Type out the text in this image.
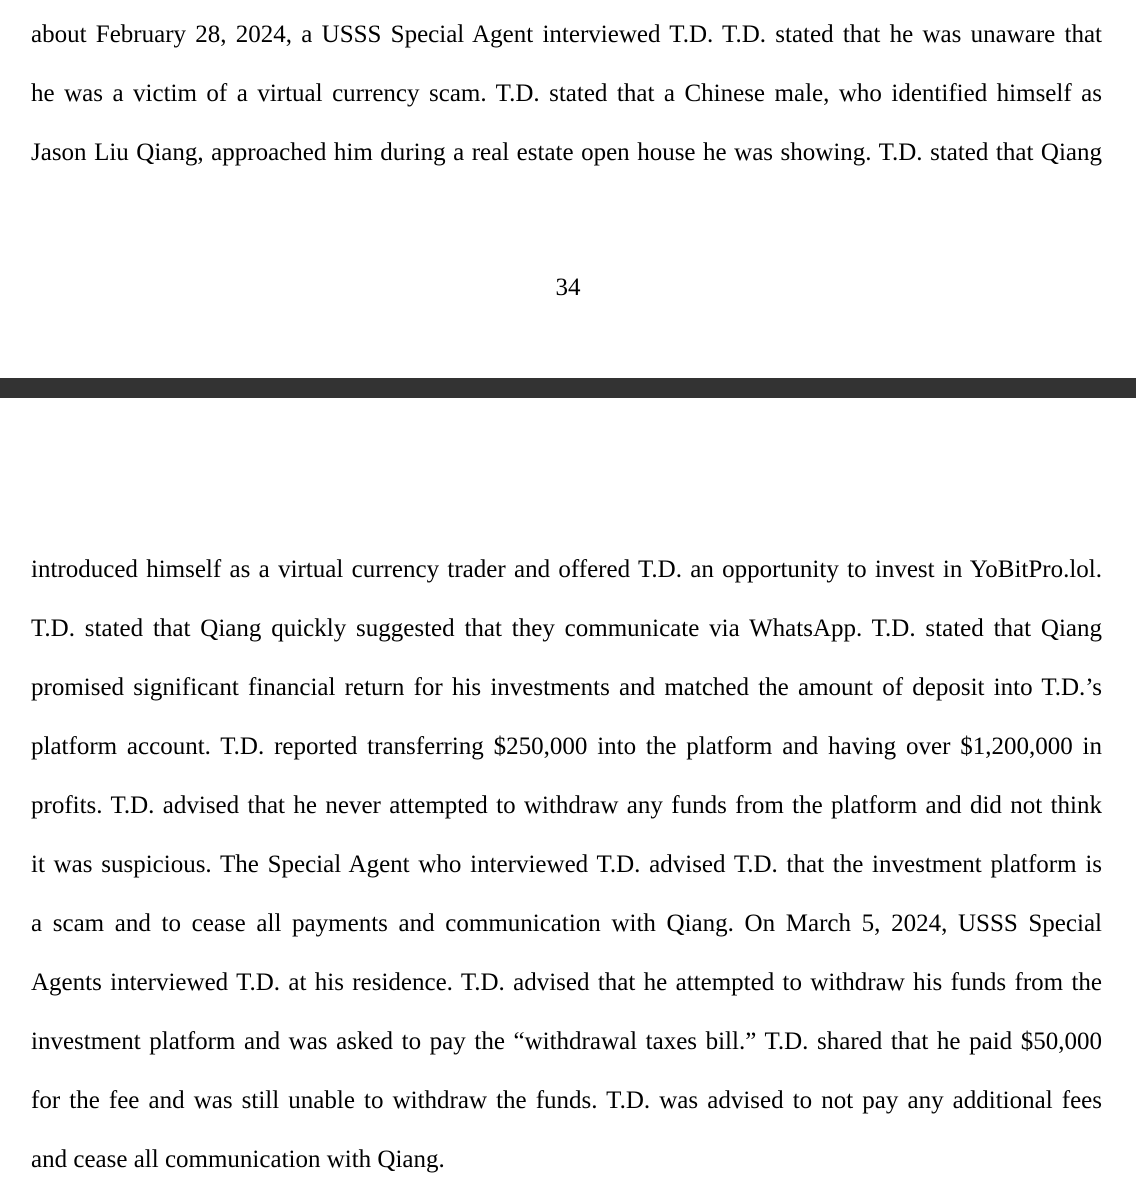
about February 28, 2024, a USSS Special Agent interviewed T.D. T.D. stated that he was unaware that
he was a victim of a virtual currency scam. T.D. stated that a Chinese male, who identified himself as
Jason Liu Qiang, approached him during a real estate open house he was showing. T.D. stated that Qiang
34
introduced himself as a virtual currency trader and offered T.D. an opportunity to invest in YoBitPro.lol.
T.D. stated that Qiang quickly suggested that they communicate via WhatsApp. T.D. stated that Qiang
promised significant financial return for his investments and matched the amount of deposit into T.D.’s
platform account. T.D. reported transferring $250,000 into the platform and having over $1,200,000 in
profits. T.D. advised that he never attempted to withdraw any funds from the platform and did not think
it was suspicious. The Special Agent who interviewed T.D. advised T.D. that the investment platform is
a scam and to cease all payments and communication with Qiang. On March 5, 2024, USSS Special
Agents interviewed T.D. at his residence. T.D. advised that he attempted to withdraw his funds from the
investment platform and was asked to pay the “withdrawal taxes bill.” T.D. shared that he paid $50,000
for the fee and was still unable to withdraw the funds. T.D. was advised to not pay any additional fees
and cease all communication with Qiang.
